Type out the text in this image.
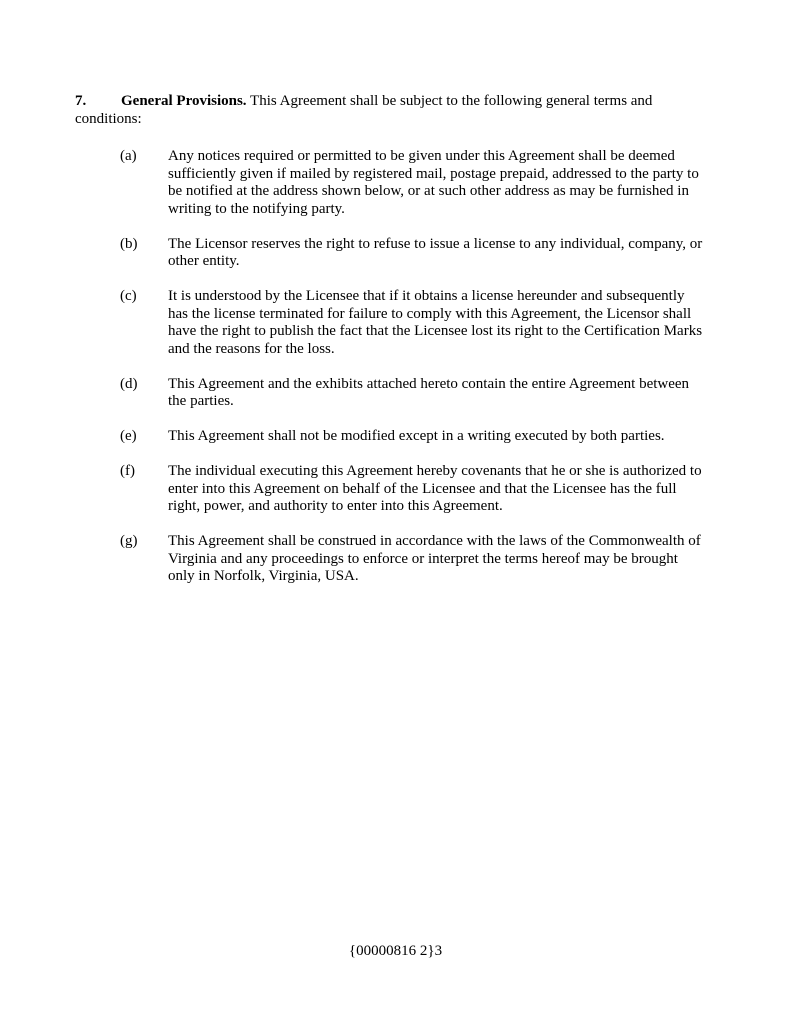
7. General Provisions. This Agreement shall be subject to the following general terms and conditions:
(a)	Any notices required or permitted to be given under this Agreement shall be deemed sufficiently given if mailed by registered mail, postage prepaid, addressed to the party to be notified at the address shown below, or at such other address as may be furnished in writing to the notifying party.
(b)	The Licensor reserves the right to refuse to issue a license to any individual, company, or other entity.
(c)	It is understood by the Licensee that if it obtains a license hereunder and subsequently has the license terminated for failure to comply with this Agreement, the Licensor shall have the right to publish the fact that the Licensee lost its right to the Certification Marks and the reasons for the loss.
(d)	This Agreement and the exhibits attached hereto contain the entire Agreement between the parties.
(e)	This Agreement shall not be modified except in a writing executed by both parties.
(f)	The individual executing this Agreement hereby covenants that he or she is authorized to enter into this Agreement on behalf of the Licensee and that the Licensee has the full right, power, and authority to enter into this Agreement.
(g)	This Agreement shall be construed in accordance with the laws of the Commonwealth of Virginia and any proceedings to enforce or interpret the terms hereof may be brought only in Norfolk, Virginia, USA.
{00000816 2}3
